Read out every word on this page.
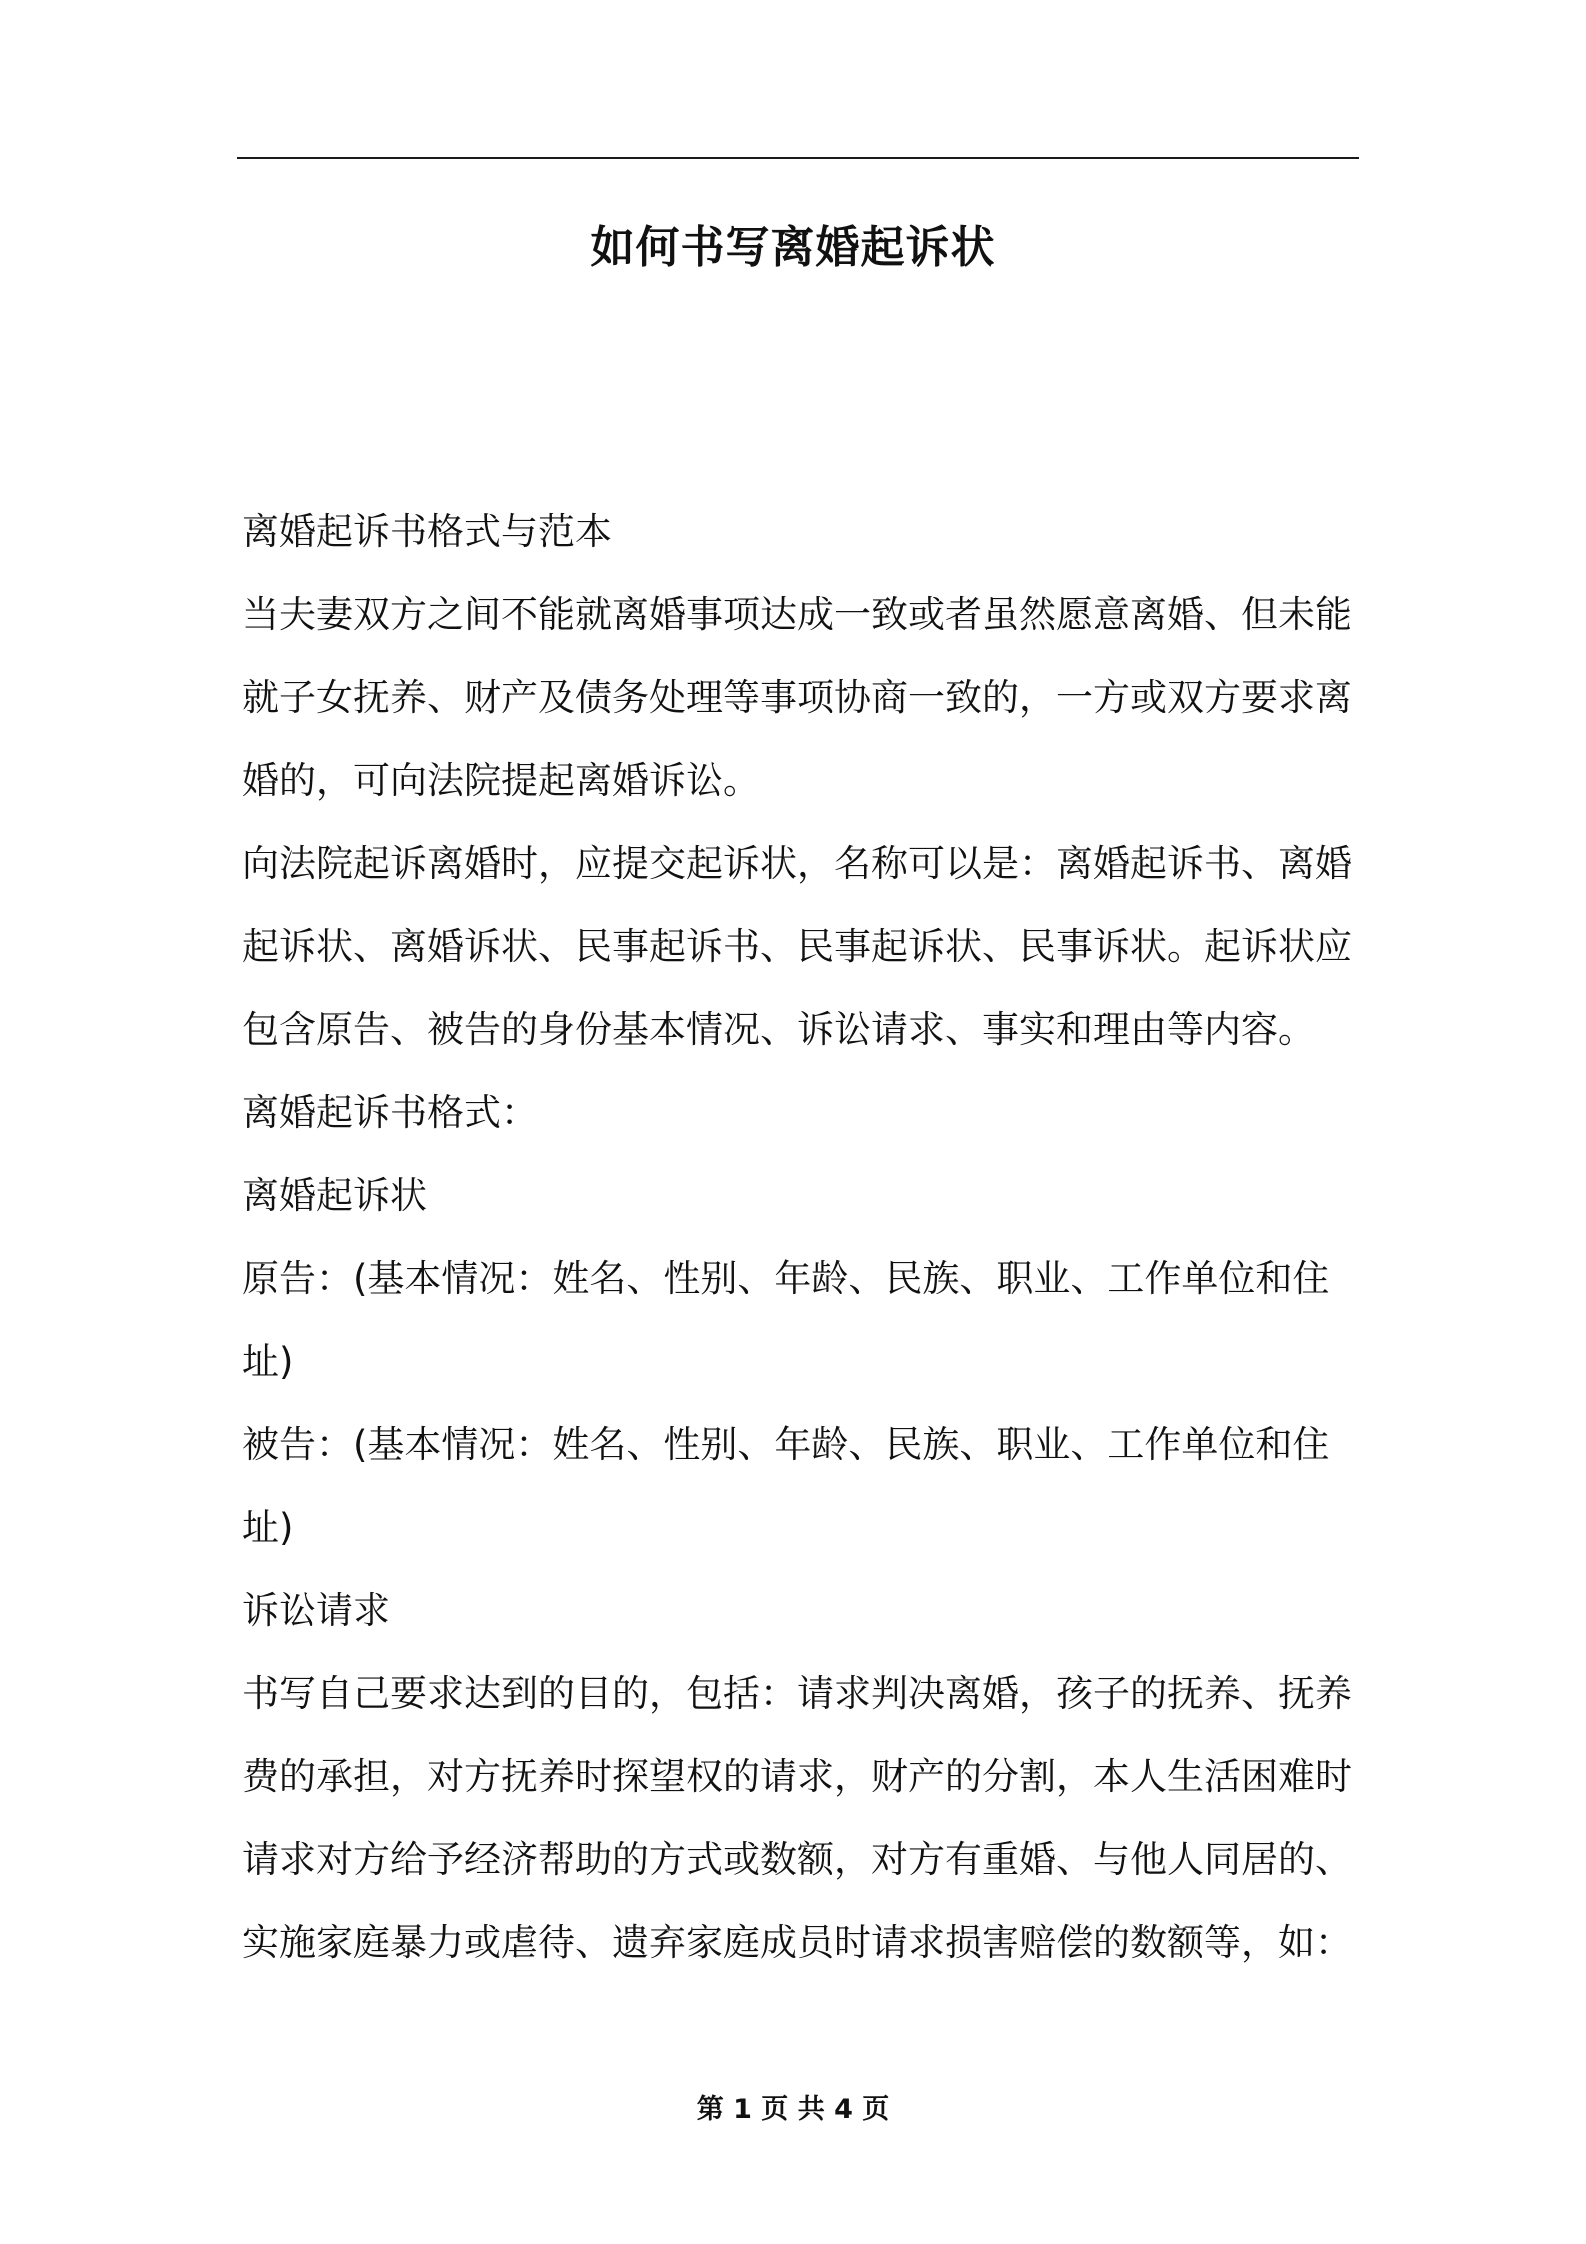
如何书写离婚起诉状

离婚起诉书格式与范本

当夫妻双方之间不能就离婚事项达成一致或者虽然愿意离婚、但未能

就子女抚养、财产及债务处理等事项协商一致的，一方或双方要求离

婚的，可向法院提起离婚诉讼。

向法院起诉离婚时，应提交起诉状，名称可以是：离婚起诉书、离婚

起诉状、离婚诉状、民事起诉书、民事起诉状、民事诉状。起诉状应

包含原告、被告的身份基本情况、诉讼请求、事实和理由等内容。

离婚起诉书格式：

离婚起诉状

原告：(基本情况：姓名、性别、年龄、民族、职业、工作单位和住

址)

被告：(基本情况：姓名、性别、年龄、民族、职业、工作单位和住

址)

诉讼请求

书写自己要求达到的目的，包括：请求判决离婚，孩子的抚养、抚养

费的承担，对方抚养时探望权的请求，财产的分割，本人生活困难时

请求对方给予经济帮助的方式或数额，对方有重婚、与他人同居的、

实施家庭暴力或虐待、遗弃家庭成员时请求损害赔偿的数额等，如：

第 1 页 共 4 页
